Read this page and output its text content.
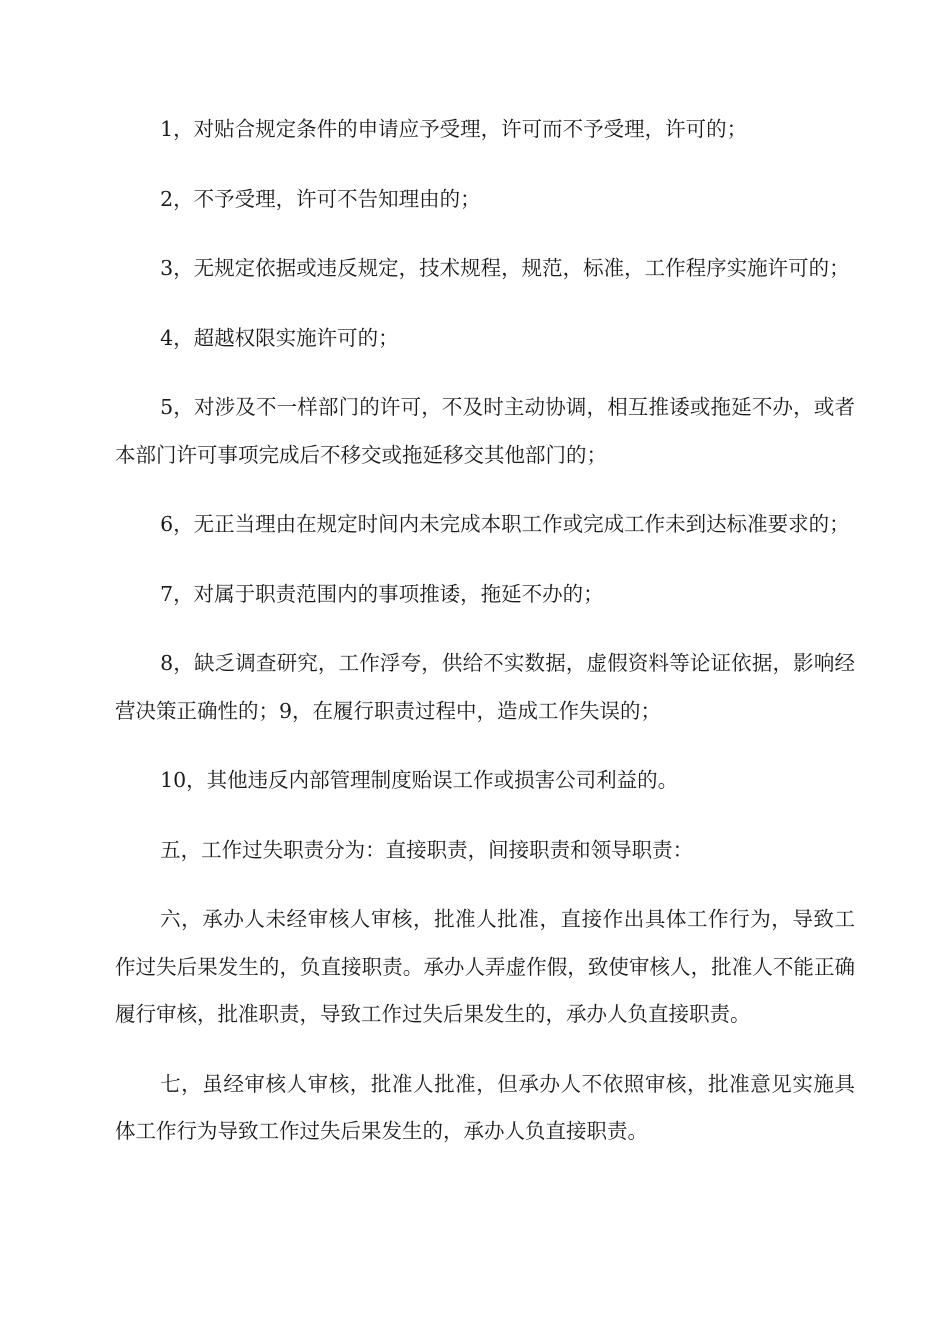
1，对贴合规定条件的申请应予受理，许可而不予受理，许可的；

2，不予受理，许可不告知理由的；

3，无规定依据或违反规定，技术规程，规范，标准，工作程序实施许可的；

4，超越权限实施许可的；

5，对涉及不一样部门的许可，不及时主动协调，相互推诿或拖延不办，或者本部门许可事项完成后不移交或拖延移交其他部门的；

6，无正当理由在规定时间内未完成本职工作或完成工作未到达标准要求的；

7，对属于职责范围内的事项推诿，拖延不办的；

8，缺乏调查研究，工作浮夸，供给不实数据，虚假资料等论证依据，影响经营决策正确性的；9，在履行职责过程中，造成工作失误的；

10，其他违反内部管理制度贻误工作或损害公司利益的。

五，工作过失职责分为：直接职责，间接职责和领导职责：

六，承办人未经审核人审核，批准人批准，直接作出具体工作行为，导致工作过失后果发生的，负直接职责。承办人弄虚作假，致使审核人，批准人不能正确履行审核，批准职责，导致工作过失后果发生的，承办人负直接职责。

七，虽经审核人审核，批准人批准，但承办人不依照审核，批准意见实施具体工作行为导致工作过失后果发生的，承办人负直接职责。
